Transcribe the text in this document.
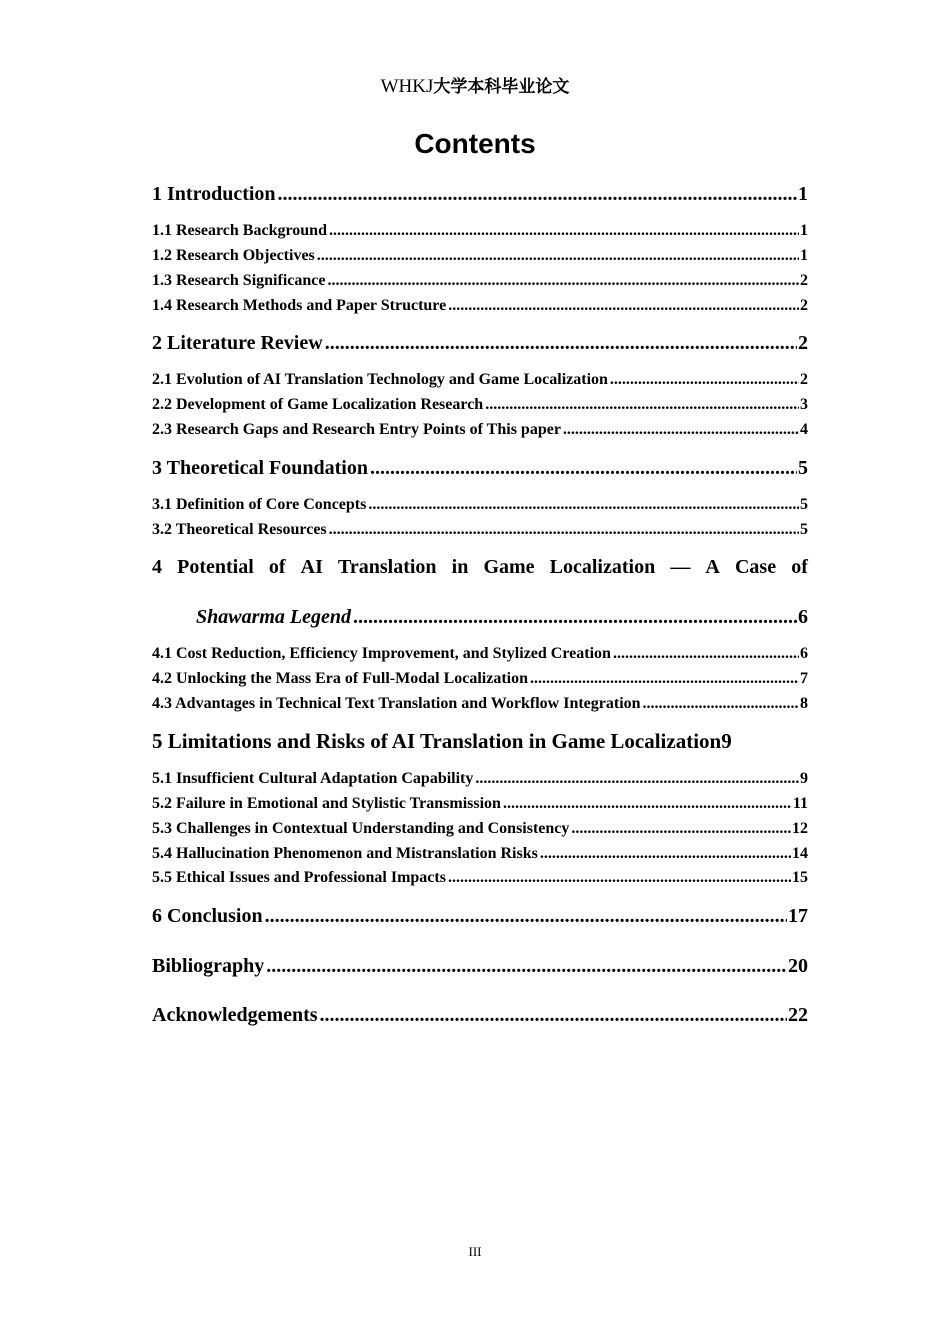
WHKJ大学本科毕业论文
Contents
1 Introduction .....	1
1.1 Research Background .....	1
1.2 Research Objectives .....	1
1.3 Research Significance .....	2
1.4 Research Methods and Paper Structure .....	2
2 Literature Review .....	2
2.1 Evolution of AI Translation Technology and Game Localization .....	2
2.2 Development of Game Localization Research .....	3
2.3 Research Gaps and Research Entry Points of This paper .....	4
3 Theoretical Foundation .....	5
3.1 Definition of Core Concepts .....	5
3.2 Theoretical Resources .....	5
4 Potential of AI Translation in Game Localization — A Case of
Shawarma Legend .....	6
4.1 Cost Reduction, Efficiency Improvement, and Stylized Creation .....	6
4.2 Unlocking the Mass Era of Full-Modal Localization .....	7
4.3 Advantages in Technical Text Translation and Workflow Integration .....	8
5 Limitations and Risks of AI Translation in Game Localization 9
5.1 Insufficient Cultural Adaptation Capability .....	9
5.2 Failure in Emotional and Stylistic Transmission .....	11
5.3 Challenges in Contextual Understanding and Consistency .....	12
5.4 Hallucination Phenomenon and Mistranslation Risks .....	14
5.5 Ethical Issues and Professional Impacts .....	15
6 Conclusion .....	17
Bibliography .....	20
Acknowledgements .....	22
III
